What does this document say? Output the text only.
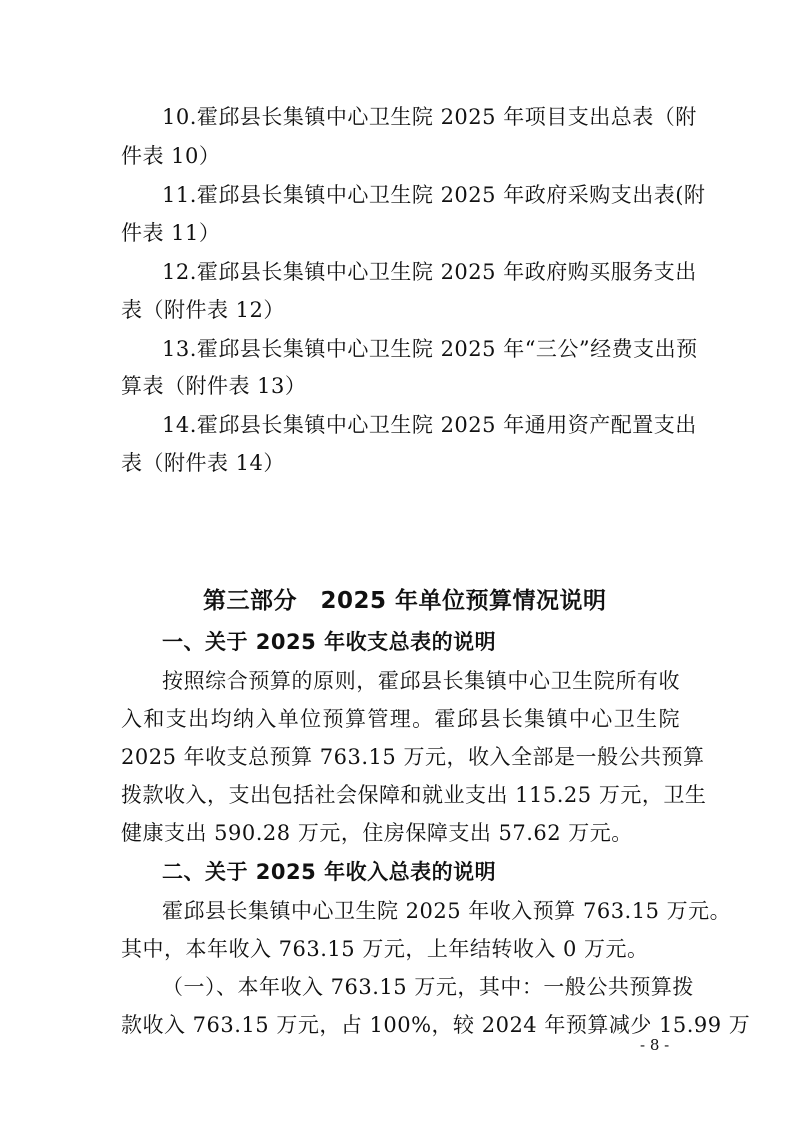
10.霍邱县长集镇中心卫生院 2025 年项目支出总表（附
件表 10）
11.霍邱县长集镇中心卫生院 2025 年政府采购支出表(附
件表 11）
12.霍邱县长集镇中心卫生院 2025 年政府购买服务支出
表（附件表 12）
13.霍邱县长集镇中心卫生院 2025 年“三公”经费支出预
算表（附件表 13）
14.霍邱县长集镇中心卫生院 2025 年通用资产配置支出
表（附件表 14）
第三部分　2025 年单位预算情况说明
一、关于 2025 年收支总表的说明
按照综合预算的原则，霍邱县长集镇中心卫生院所有收
入和支出均纳入单位预算管理。霍邱县长集镇中心卫生院
2025 年收支总预算 763.15 万元，收入全部是一般公共预算
拨款收入，支出包括社会保障和就业支出 115.25 万元，卫生
健康支出 590.28 万元，住房保障支出 57.62 万元。
二、关于 2025 年收入总表的说明
霍邱县长集镇中心卫生院 2025 年收入预算 763.15 万元。
其中，本年收入 763.15 万元，上年结转收入 0 万元。
（一）、本年收入 763.15 万元，其中：一般公共预算拨
款收入 763.15 万元，占 100%，较 2024 年预算减少 15.99 万
- 8 -
